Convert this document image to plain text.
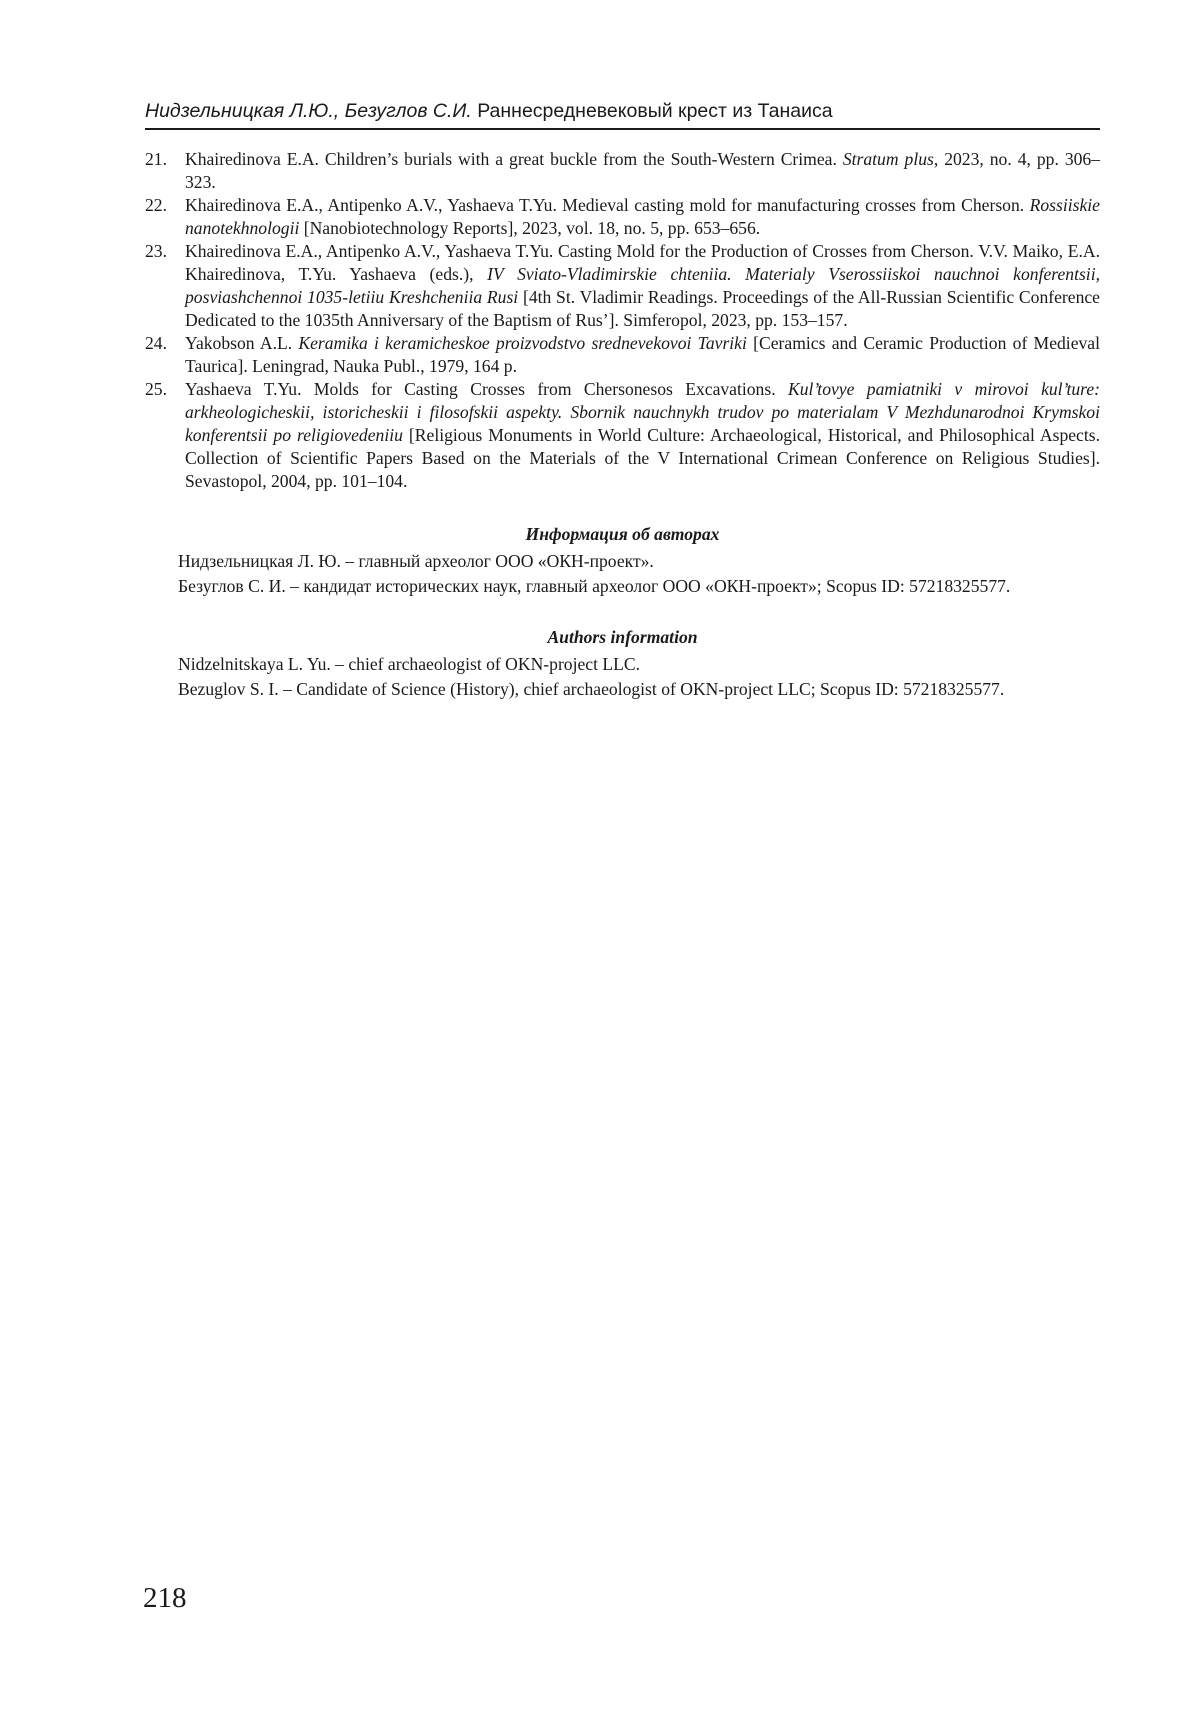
Нидзельницкая Л.Ю., Безуглов С.И. Раннесредневековый крест из Танаиса
21. Khairedinova E.A. Children’s burials with a great buckle from the South-Western Crimea. Stratum plus, 2023, no. 4, pp. 306–323.
22. Khairedinova E.A., Antipenko A.V., Yashaeva T.Yu. Medieval casting mold for manufacturing crosses from Cherson. Rossiiskie nanotekhnologii [Nanobiotechnology Reports], 2023, vol. 18, no. 5, pp. 653–656.
23. Khairedinova E.A., Antipenko A.V., Yashaeva T.Yu. Casting Mold for the Production of Crosses from Cherson. V.V. Maiko, E.A. Khairedinova, T.Yu. Yashaeva (eds.), IV Sviato-Vladimirskie chteniia. Materialy Vserossiiskoi nauchnoi konferentsii, posviashchennoi 1035-letiiu Kreshcheniia Rusi [4th St. Vladimir Readings. Proceedings of the All-Russian Scientific Conference Dedicated to the 1035th Anniversary of the Baptism of Rus’]. Simferopol, 2023, pp. 153–157.
24. Yakobson A.L. Keramika i keramicheskoe proizvodstvo srednevekovoi Tavriki [Ceramics and Ceramic Production of Medieval Taurica]. Leningrad, Nauka Publ., 1979, 164 p.
25. Yashaeva T.Yu. Molds for Casting Crosses from Chersonesos Excavations. Kul’tovye pamiatniki v mirovoi kul’ture: arkheologicheskii, istoricheskii i filosofskii aspekty. Sbornik nauchnykh trudov po materialam V Mezhdunarodnoi Krymskoi konferentsii po religiovedeniiu [Religious Monuments in World Culture: Archaeological, Historical, and Philosophical Aspects. Collection of Scientific Papers Based on the Materials of the V International Crimean Conference on Religious Studies]. Sevastopol, 2004, pp. 101–104.
Информация об авторах

Нидзельницкая Л. Ю. – главный археолог ООО «ОКН-проект».

Безуглов С. И. – кандидат исторических наук, главный археолог ООО «ОКН-проект»; Scopus ID: 57218325577.

Authors information

Nidzelnitskaya L. Yu. – chief archaeologist of OKN-project LLC.

Bezuglov S. I. – Candidate of Science (History), chief archaeologist of OKN-project LLC; Scopus ID: 57218325577.

218
